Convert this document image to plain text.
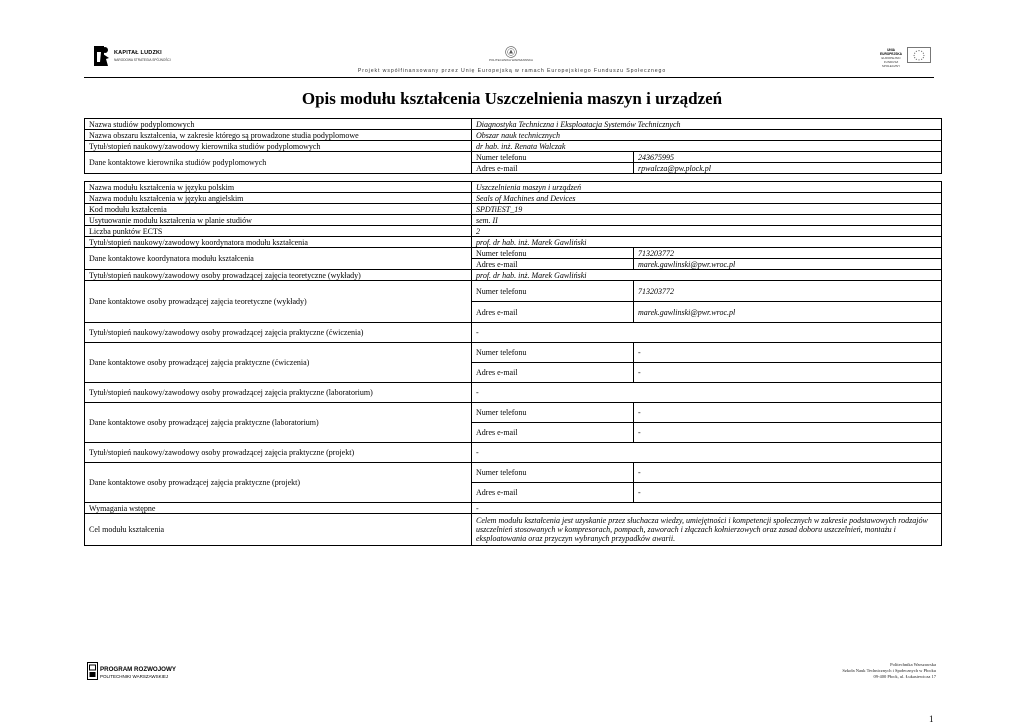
KAPITAŁ LUDZKI
NARODOWA STRATEGIA SPÓJNOŚCI	POLITECHNIKA WARSZAWSKA
UNIA EUROPEJSKA
EUROPEJSKI
FUNDUSZ SPOŁECZNY
Projekt współfinansowany przez Unię Europejską w ramach Europejskiego Funduszu Społecznego
Opis modułu kształcenia Uszczelnienia maszyn i urządzeń
Nazwa studiów podyplomowych	Diagnostyka Techniczna i Eksploatacja Systemów Technicznych	
Nazwa obszaru kształcenia, w zakresie którego są prowadzone studia podyplomowe	Obszar nauk technicznych	
Tytuł/stopień naukowy/zawodowy kierownika studiów podyplomowych	dr hab. inż. Renata Walczak	
Dane kontaktowe kierownika studiów podyplomowych	Numer telefonu	243675995
	Adres e-mail	rpwalcza@pw.plock.pl
Nazwa modułu kształcenia w języku polskim	Uszczelnienia maszyn i urządzeń	
Nazwa modułu kształcenia w języku angielskim	Seals of Machines and Devices	
Kod modułu kształcenia	SPDTiEST_19	
Usytuowanie modułu kształcenia w planie studiów	sem. II	
Liczba punktów ECTS	2	
Tytuł/stopień naukowy/zawodowy koordynatora modułu kształcenia	prof. dr hab. inż. Marek Gawliński	
Dane kontaktowe koordynatora modułu kształcenia	Numer telefonu	713203772
	Adres e-mail	marek.gawlinski@pwr.wroc.pl
Tytuł/stopień naukowy/zawodowy osoby prowadzącej zajęcia teoretyczne (wykłady)	prof. dr hab. inż. Marek Gawliński	
Dane kontaktowe osoby prowadzącej zajęcia teoretyczne (wykłady)	Numer telefonu	713203772
	Adres e-mail	marek.gawlinski@pwr.wroc.pl
Tytuł/stopień naukowy/zawodowy osoby prowadzącej zajęcia praktyczne (ćwiczenia)	-	
Dane kontaktowe osoby prowadzącej zajęcia praktyczne (ćwiczenia)	Numer telefonu	-
	Adres e-mail	-
Tytuł/stopień naukowy/zawodowy osoby prowadzącej zajęcia praktyczne (laboratorium)	-	
Dane kontaktowe osoby prowadzącej zajęcia praktyczne (laboratorium)	Numer telefonu	-
	Adres e-mail	-
Tytuł/stopień naukowy/zawodowy osoby prowadzącej zajęcia praktyczne (projekt)	-	
Dane kontaktowe osoby prowadzącej zajęcia praktyczne (projekt)	Numer telefonu	-
	Adres e-mail	-
Wymagania wstępne	-	
Cel modułu kształcenia	Celem modułu kształcenia jest uzyskanie przez słuchacza wiedzy, umiejętności i kompetencji społecznych w zakresie podstawowych rodzajów uszczelnień stosowanych w kompresorach, pompach, zaworach i złączach kołnierzowych oraz zasad doboru uszczelnień, montażu i eksploatowania oraz przyczyn wybranych przypadków awarii.	
PROGRAM ROZWOJOWY
POLITECHNIKI WARSZAWSKIEJ
Politechnika Warszawska
Szkoła Nauk Technicznych i Społecznych w Płocku
09-400 Płock, ul. Łukasiewicza 17
1
